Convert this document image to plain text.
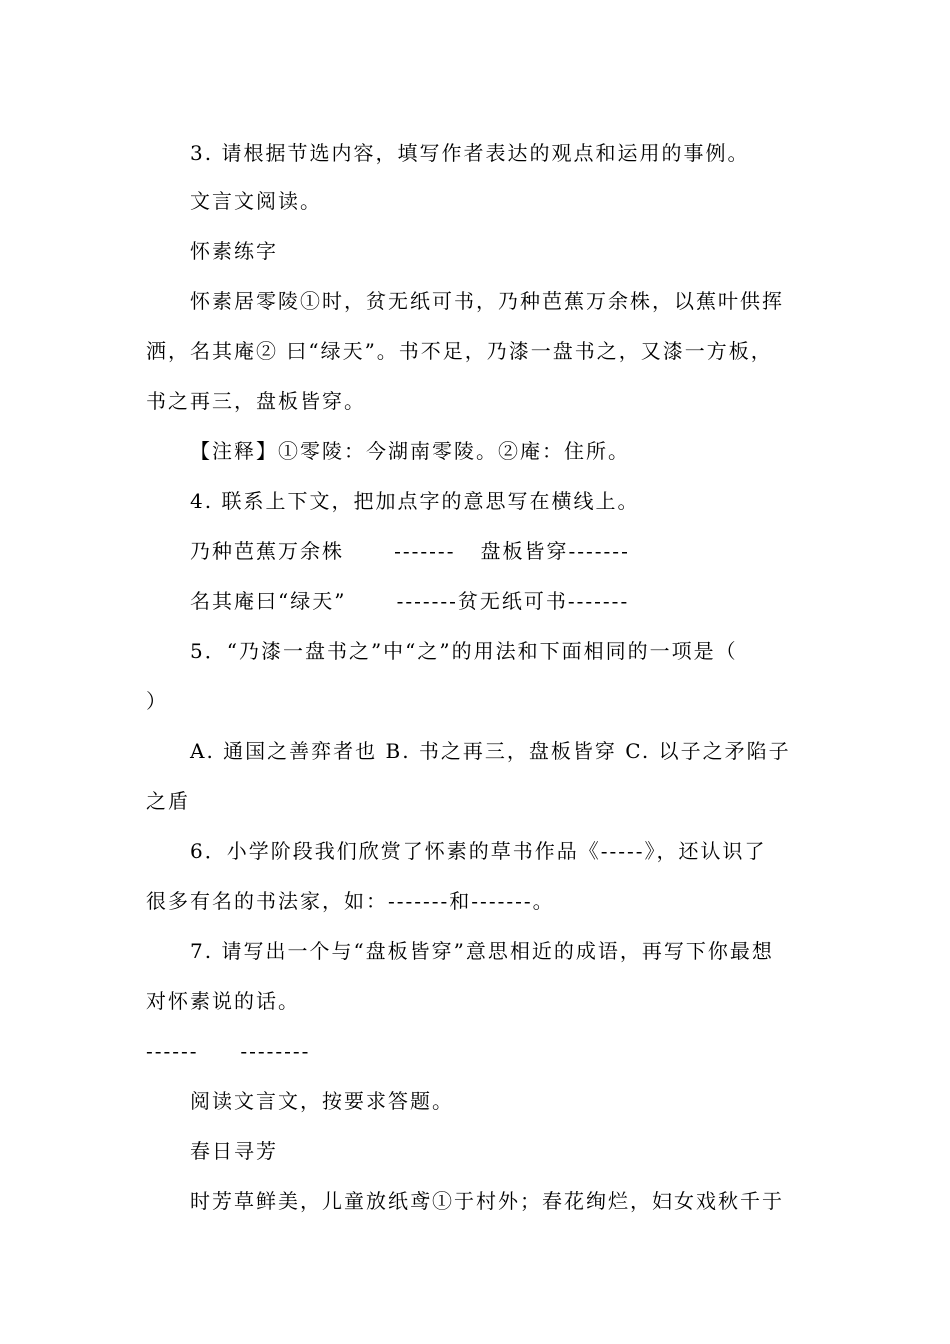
3. 请根据节选内容，填写作者表达的观点和运用的事例。
文言文阅读。
怀素练字
怀素居零陵①时，贫无纸可书，乃种芭蕉万余株，以蕉叶供挥
洒，名其庵② 曰“绿天”。书不足，乃漆一盘书之，又漆一方板，
书之再三，盘板皆穿。
【注释】①零陵：今湖南零陵。②庵：住所。
4. 联系上下文，把加点字的意思写在横线上。
乃种芭蕉万余株      -------   盘板皆穿-------
名其庵曰“绿天”      -------贫无纸可书-------
5．“乃漆一盘书之”中“之”的用法和下面相同的一项是（
）
A. 通国之善弈者也 B. 书之再三，盘板皆穿 C. 以子之矛陷子
之盾
6．小学阶段我们欣赏了怀素的草书作品《-----》，还认识了
很多有名的书法家，如：-------和-------。
7. 请写出一个与“盘板皆穿”意思相近的成语，再写下你最想
对怀素说的话。
------     --------
阅读文言文，按要求答题。
春日寻芳
时芳草鲜美，儿童放纸鸢①于村外；春花绚烂，妇女戏秋千于
